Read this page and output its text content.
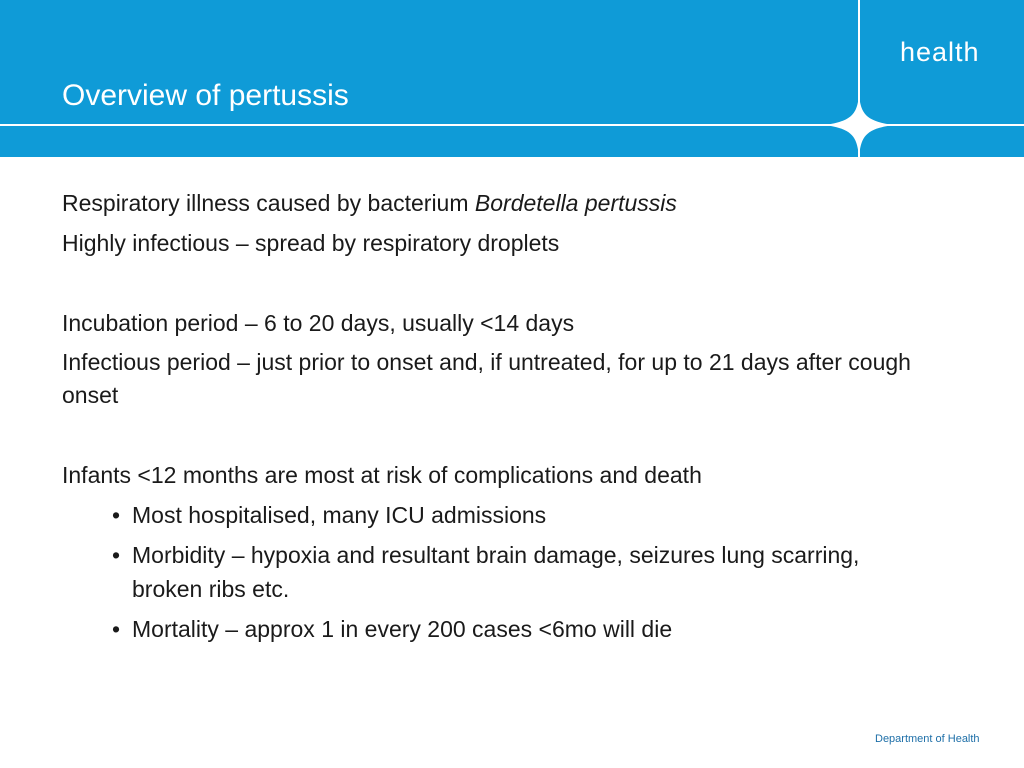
Overview of pertussis
health

Respiratory illness caused by bacterium Bordetella pertussis

Highly infectious – spread by respiratory droplets

Incubation period – 6 to 20 days, usually <14 days

Infectious period – just prior to onset and, if untreated, for up to 21 days after cough onset

Infants <12 months are most at risk of complications and death

• Most hospitalised, many ICU admissions
• Morbidity – hypoxia and resultant brain damage, seizures lung scarring, broken ribs etc.
• Mortality – approx 1 in every 200 cases <6mo will die
Department of Health
